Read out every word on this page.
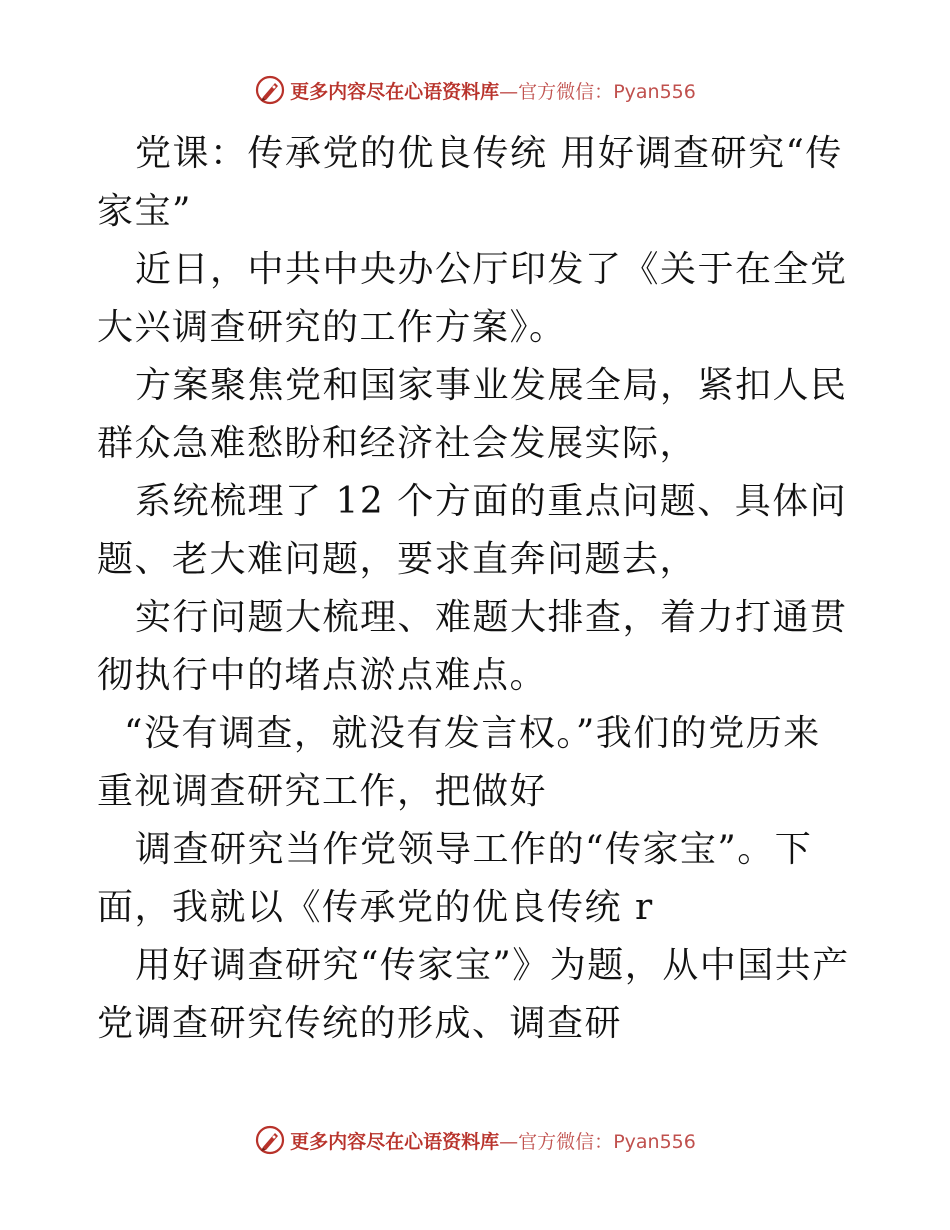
更多内容尽在心语资料库—官方微信：Pyan556

党课：传承党的优良传统 用好调查研究“传家宝”

近日，中共中央办公厅印发了《关于在全党大兴调查研究的工作方案》。

方案聚焦党和国家事业发展全局，紧扣人民群众急难愁盼和经济社会发展实际，

系统梳理了 12 个方面的重点问题、具体问题、老大难问题，要求直奔问题去，

实行问题大梳理、难题大排查，着力打通贯彻执行中的堵点淤点难点。

“没有调查，就没有发言权。”我们的党历来重视调查研究工作，把做好

调查研究当作党领导工作的“传家宝”。下面，我就以《传承党的优良传统 r

用好调查研究“传家宝”》为题，从中国共产党调查研究传统的形成、调查研

更多内容尽在心语资料库—官方微信：Pyan556
